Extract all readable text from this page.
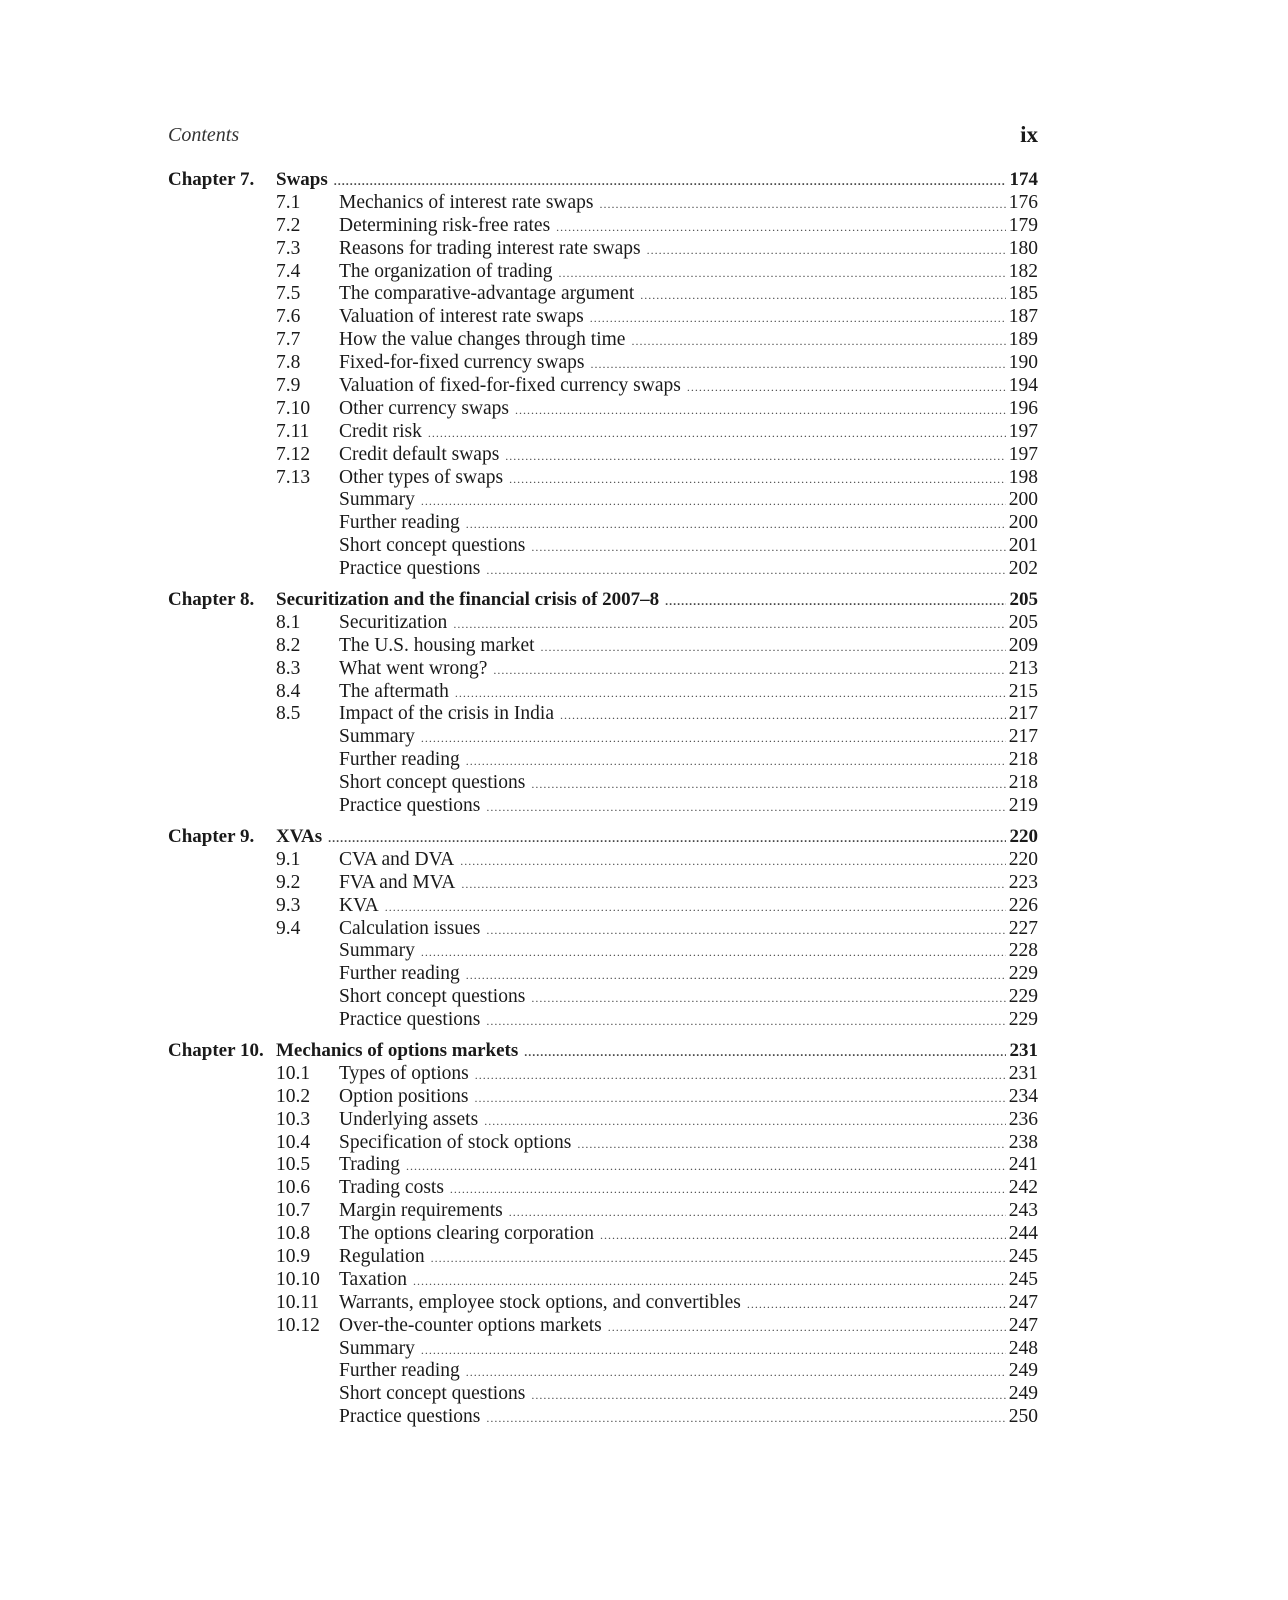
Contents	ix
Chapter 7.	Swaps .....	174
7.1	Mechanics of interest rate swaps .....	176
7.2	Determining risk-free rates .....	179
7.3	Reasons for trading interest rate swaps .....	180
7.4	The organization of trading .....	182
7.5	The comparative-advantage argument .....	185
7.6	Valuation of interest rate swaps .....	187
7.7	How the value changes through time .....	189
7.8	Fixed-for-fixed currency swaps .....	190
7.9	Valuation of fixed-for-fixed currency swaps .....	194
7.10	Other currency swaps .....	196
7.11	Credit risk .....	197
7.12	Credit default swaps .....	197
7.13	Other types of swaps .....	198
Summary .....	200
Further reading .....	200
Short concept questions .....	201
Practice questions .....	202
Chapter 8.	Securitization and the financial crisis of 2007–8 .....	205
8.1	Securitization .....	205
8.2	The U.S. housing market .....	209
8.3	What went wrong? .....	213
8.4	The aftermath .....	215
8.5	Impact of the crisis in India .....	217
Summary .....	217
Further reading .....	218
Short concept questions .....	218
Practice questions .....	219
Chapter 9.	XVAs .....	220
9.1	CVA and DVA .....	220
9.2	FVA and MVA .....	223
9.3	KVA .....	226
9.4	Calculation issues .....	227
Summary .....	228
Further reading .....	229
Short concept questions .....	229
Practice questions .....	229
Chapter 10. Mechanics of options markets .....	231
10.1	Types of options .....	231
10.2	Option positions .....	234
10.3	Underlying assets .....	236
10.4	Specification of stock options .....	238
10.5	Trading .....	241
10.6	Trading costs .....	242
10.7	Margin requirements .....	243
10.8	The options clearing corporation .....	244
10.9	Regulation .....	245
10.10 Taxation .....	245
10.11	Warrants, employee stock options, and convertibles .....	247
10.12 Over-the-counter options markets .....	247
Summary .....	248
Further reading .....	249
Short concept questions .....	249
Practice questions .....	250
